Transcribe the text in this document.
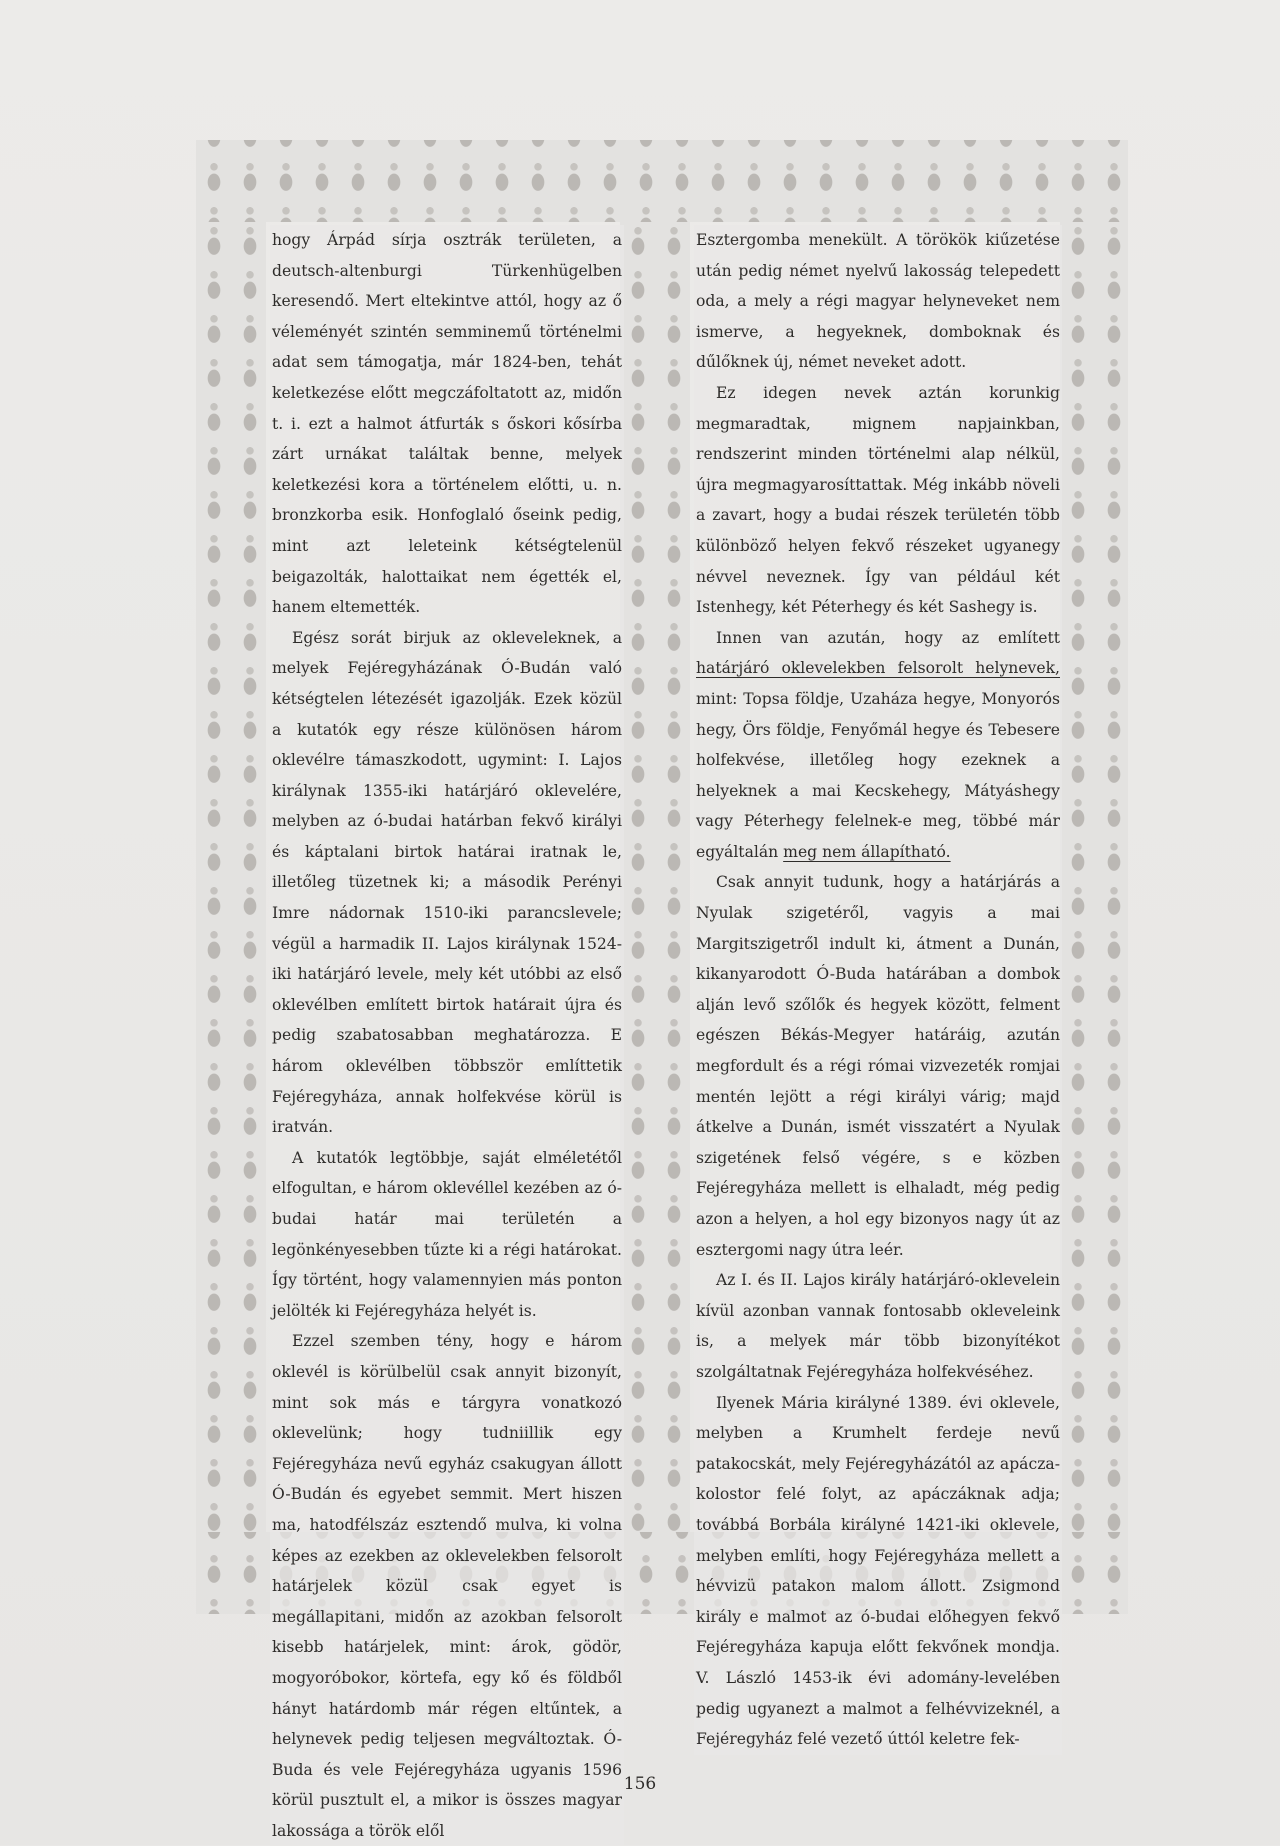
hogy Árpád sírja osztrák területen, a deutsch-altenburgi Türkenhügelben keresendő. Mert eltekintve attól, hogy az ő véleményét szintén semminemű történelmi adat sem támogatja, már 1824-ben, tehát keletkezése előtt megczáfoltatott az, midőn t. i. ezt a halmot átfurták s őskori kősírba zárt urnákat találtak benne, melyek keletkezési kora a történelem előtti, u. n. bronzkorba esik. Honfoglaló őseink pedig, mint azt leleteink kétségtelenül beigazolták, halottaikat nem égették el, hanem eltemették.

Egész sorát birjuk az okleveleknek, a melyek Fejéregyházának Ó-Budán való kétségtelen létezését igazolják. Ezek közül a kutatók egy része különösen három oklevélre támaszkodott, ugymint: I. Lajos királynak 1355-iki határjáró oklevelére, melyben az ó-budai határban fekvő királyi és káptalani birtok határai iratnak le, illetőleg tüzetnek ki; a második Perényi Imre nádornak 1510-iki parancslevele; végül a harmadik II. Lajos királynak 1524-iki határjáró levele, mely két utóbbi az első oklevélben említett birtok határait újra és pedig szabatosabban meghatározza. E három oklevélben többször említtetik Fejéregyháza, annak holfekvése körül is iratván.

A kutatók legtöbbje, saját elméletétől elfogultan, e három oklevéllel kezében az ó-budai határ mai területén a legönkényesebben tűzte ki a régi határokat. Így történt, hogy valamennyien más ponton jelölték ki Fejéregyháza helyét is.

Ezzel szemben tény, hogy e három oklevél is körülbelül csak annyit bizonyít, mint sok más e tárgyra vonatkozó oklevelünk; hogy tudniillik egy Fejéregyháza nevű egyház csakugyan állott Ó-Budán és egyebet semmit. Mert hiszen ma, hatodfélszáz esztendő mulva, ki volna képes az ezekben az oklevelekben felsorolt határjelek közül csak egyet is megállapitani, midőn az azokban felsorolt kisebb határjelek, mint: árok, gödör, mogyoróbokor, körtefa, egy kő és földből hányt határdomb már régen eltűntek, a helynevek pedig teljesen megváltoztak. Ó-Buda és vele Fejéregyháza ugyanis 1596 körül pusztult el, a mikor is összes magyar lakossága a török elől

Esztergomba menekült. A törökök kiűzetése után pedig német nyelvű lakosság telepedett oda, a mely a régi magyar helyneveket nem ismerve, a hegyeknek, domboknak és dűlőknek új, német neveket adott.

Ez idegen nevek aztán korunkig megmaradtak, mignem napjainkban, rendszerint minden történelmi alap nélkül, újra megmagyarosíttattak. Még inkább növeli a zavart, hogy a budai részek területén több különböző helyen fekvő részeket ugyanegy névvel neveznek. Így van például két Istenhegy, két Péterhegy és két Sashegy is.

Innen van azután, hogy az említett határjáró oklevelekben felsorolt helynevek, mint: Topsa földje, Uzaháza hegye, Monyorós hegy, Örs földje, Fenyőmál hegye és Tebesere holfekvése, illetőleg hogy ezeknek a helyeknek a mai Kecskehegy, Mátyáshegy vagy Péterhegy felelnek-e meg, többé már egyáltalán meg nem állapítható.

Csak annyit tudunk, hogy a határjárás a Nyulak szigetéről, vagyis a mai Margitszigetről indult ki, átment a Dunán, kikanyarodott Ó-Buda határában a dombok alján levő szőlők és hegyek között, felment egészen Békás-Megyer határáig, azután megfordult és a régi római vizvezeték romjai mentén lejött a régi királyi várig; majd átkelve a Dunán, ismét visszatért a Nyulak szigetének felső végére, s e közben Fejéregyháza mellett is elhaladt, még pedig azon a helyen, a hol egy bizonyos nagy út az esztergomi nagy útra leér.

Az I. és II. Lajos király határjáró-oklevelein kívül azonban vannak fontosabb okleveleink is, a melyek már több bizonyítékot szolgáltatnak Fejéregyháza holfekvéséhez.

Ilyenek Mária királyné 1389. évi oklevele, melyben a Krumhelt ferdeje nevű patakocskát, mely Fejéregyházától az apácza-kolostor felé folyt, az apáczáknak adja; továbbá Borbála királyné 1421-iki oklevele, melyben említi, hogy Fejéregyháza mellett a hévvizü patakon malom állott. Zsigmond király e malmot az ó-budai előhegyen fekvő Fejéregyháza kapuja előtt fekvőnek mondja. V. László 1453-ik évi adomány-levelében pedig ugyanezt a malmot a felhévvizeknél, a Fejéregyház felé vezető úttól keletre fek-

156
